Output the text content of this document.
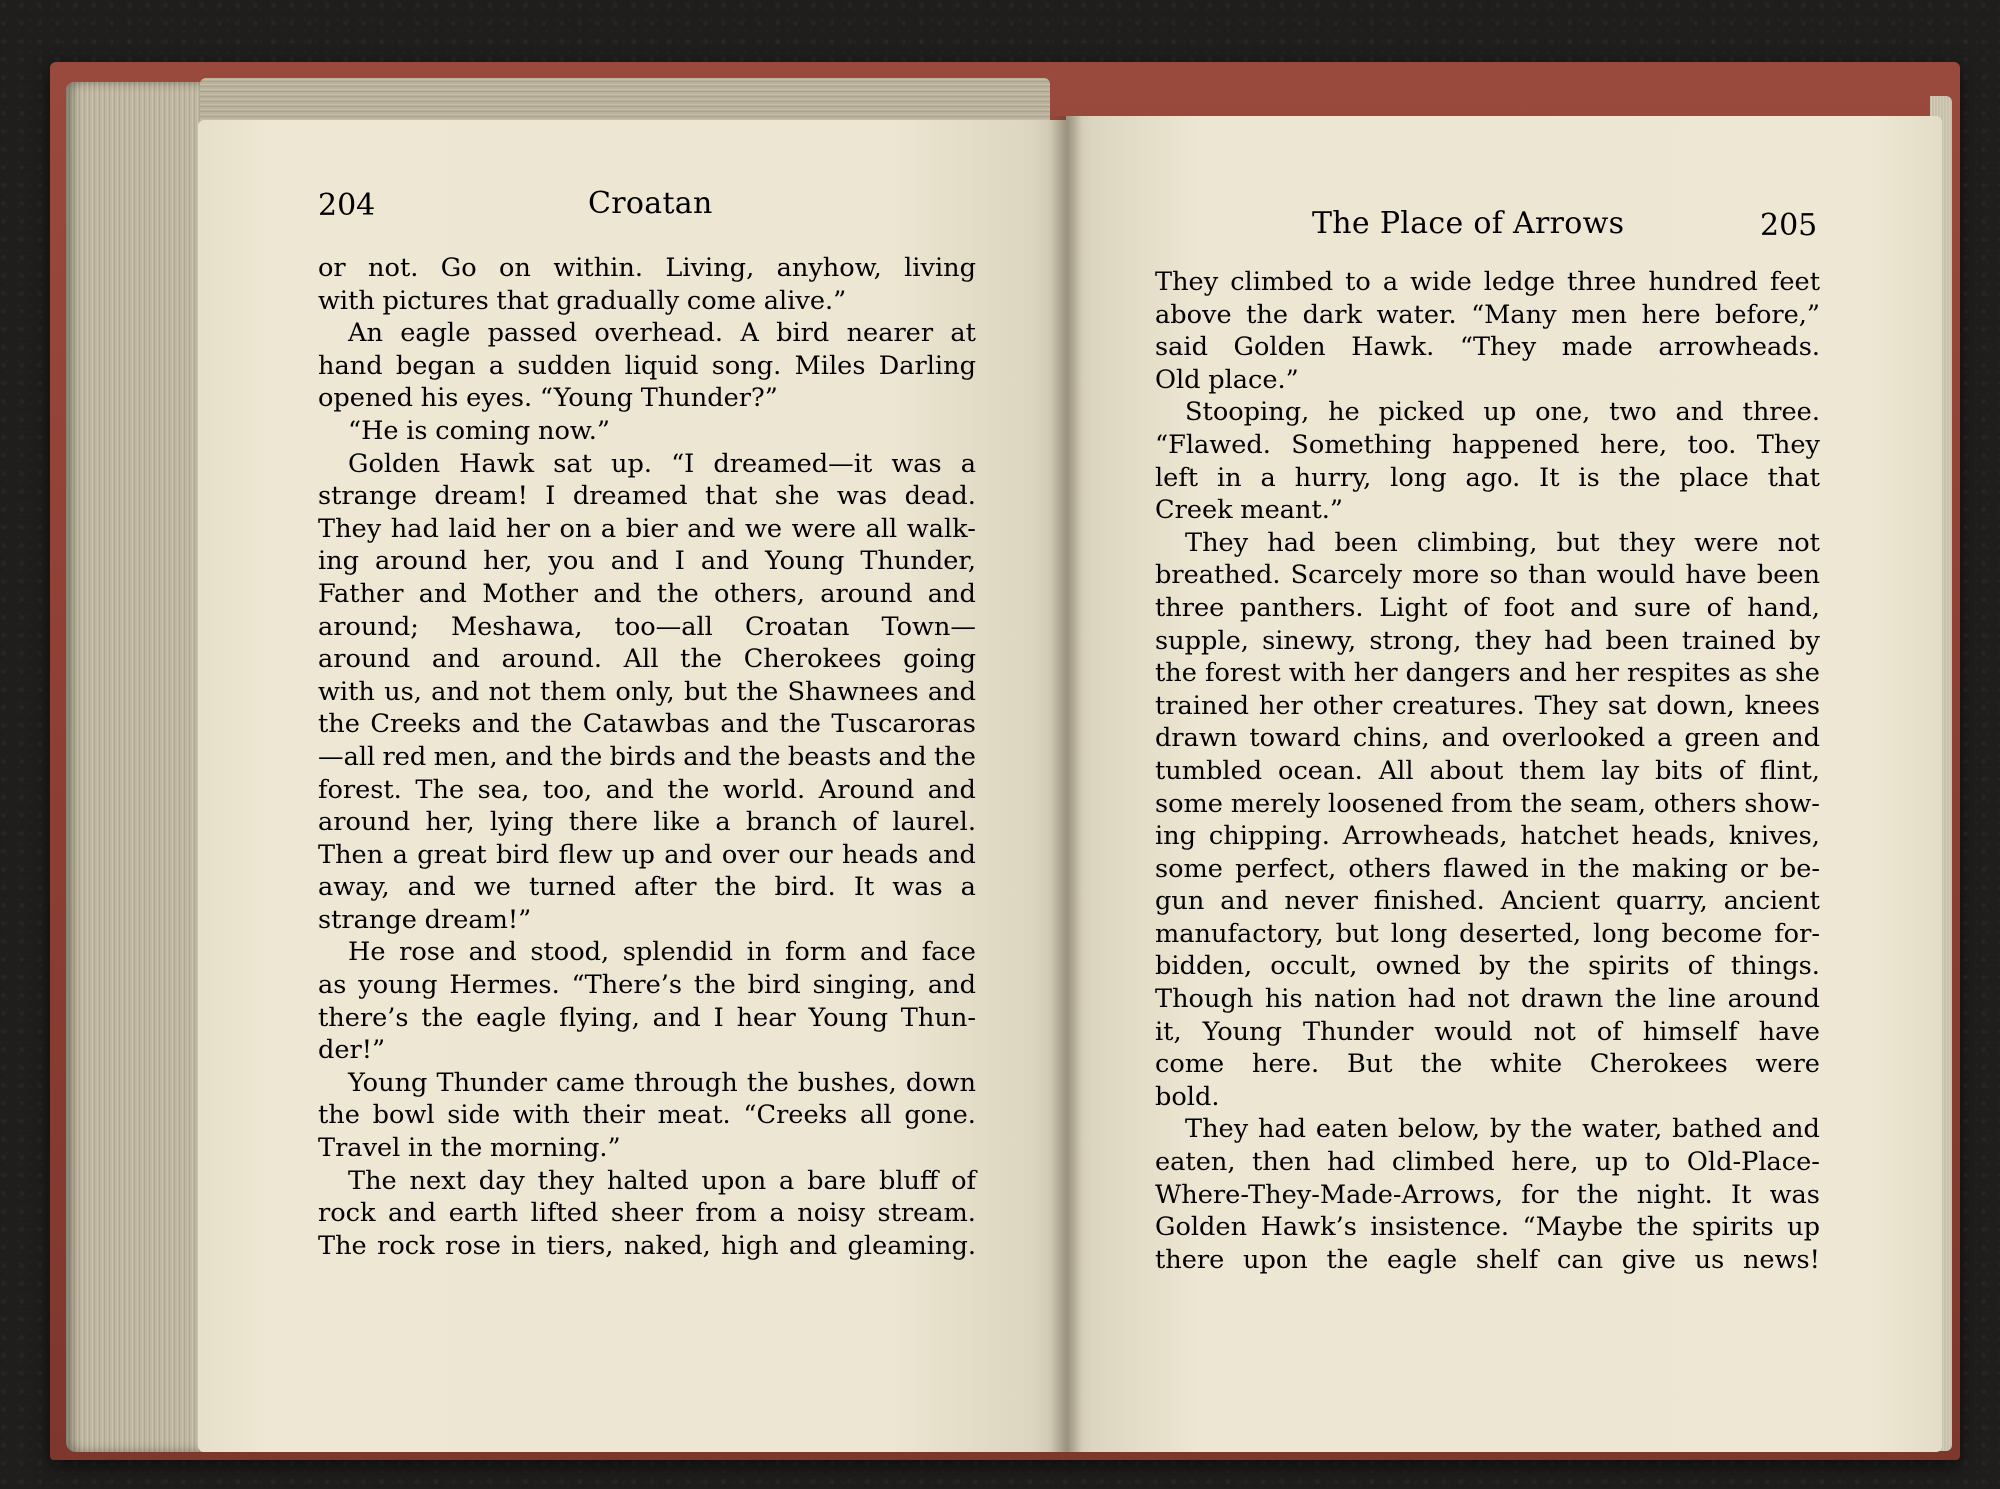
204	Croatan
The Place of Arrows	205
or not. Go on within. Living, anyhow, living
with pictures that gradually come alive.”
An eagle passed overhead. A bird nearer at
hand began a sudden liquid song. Miles Darling
opened his eyes. “Young Thunder?”
“He is coming now.”
Golden Hawk sat up. “I dreamed—it was a
strange dream! I dreamed that she was dead.
They had laid her on a bier and we were all walk-
ing around her, you and I and Young Thunder,
Father and Mother and the others, around and
around; Meshawa, too—all Croatan Town—
around and around. All the Cherokees going
with us, and not them only, but the Shawnees and
the Creeks and the Catawbas and the Tuscaroras
—all red men, and the birds and the beasts and the
forest. The sea, too, and the world. Around and
around her, lying there like a branch of laurel.
Then a great bird flew up and over our heads and
away, and we turned after the bird. It was a
strange dream!”
He rose and stood, splendid in form and face
as young Hermes. “There’s the bird singing, and
there’s the eagle flying, and I hear Young Thun-
der!”
Young Thunder came through the bushes, down
the bowl side with their meat. “Creeks all gone.
Travel in the morning.”
The next day they halted upon a bare bluff of
rock and earth lifted sheer from a noisy stream.
The rock rose in tiers, naked, high and gleaming.
They climbed to a wide ledge three hundred feet
above the dark water. “Many men here before,”
said Golden Hawk. “They made arrowheads.
Old place.”
Stooping, he picked up one, two and three.
“Flawed. Something happened here, too. They
left in a hurry, long ago. It is the place that
Creek meant.”
They had been climbing, but they were not
breathed. Scarcely more so than would have been
three panthers. Light of foot and sure of hand,
supple, sinewy, strong, they had been trained by
the forest with her dangers and her respites as she
trained her other creatures. They sat down, knees
drawn toward chins, and overlooked a green and
tumbled ocean. All about them lay bits of flint,
some merely loosened from the seam, others show-
ing chipping. Arrowheads, hatchet heads, knives,
some perfect, others flawed in the making or be-
gun and never finished. Ancient quarry, ancient
manufactory, but long deserted, long become for-
bidden, occult, owned by the spirits of things.
Though his nation had not drawn the line around
it, Young Thunder would not of himself have
come here. But the white Cherokees were
bold.
They had eaten below, by the water, bathed and
eaten, then had climbed here, up to Old-Place-
Where-They-Made-Arrows, for the night. It was
Golden Hawk’s insistence. “Maybe the spirits up
there upon the eagle shelf can give us news!
